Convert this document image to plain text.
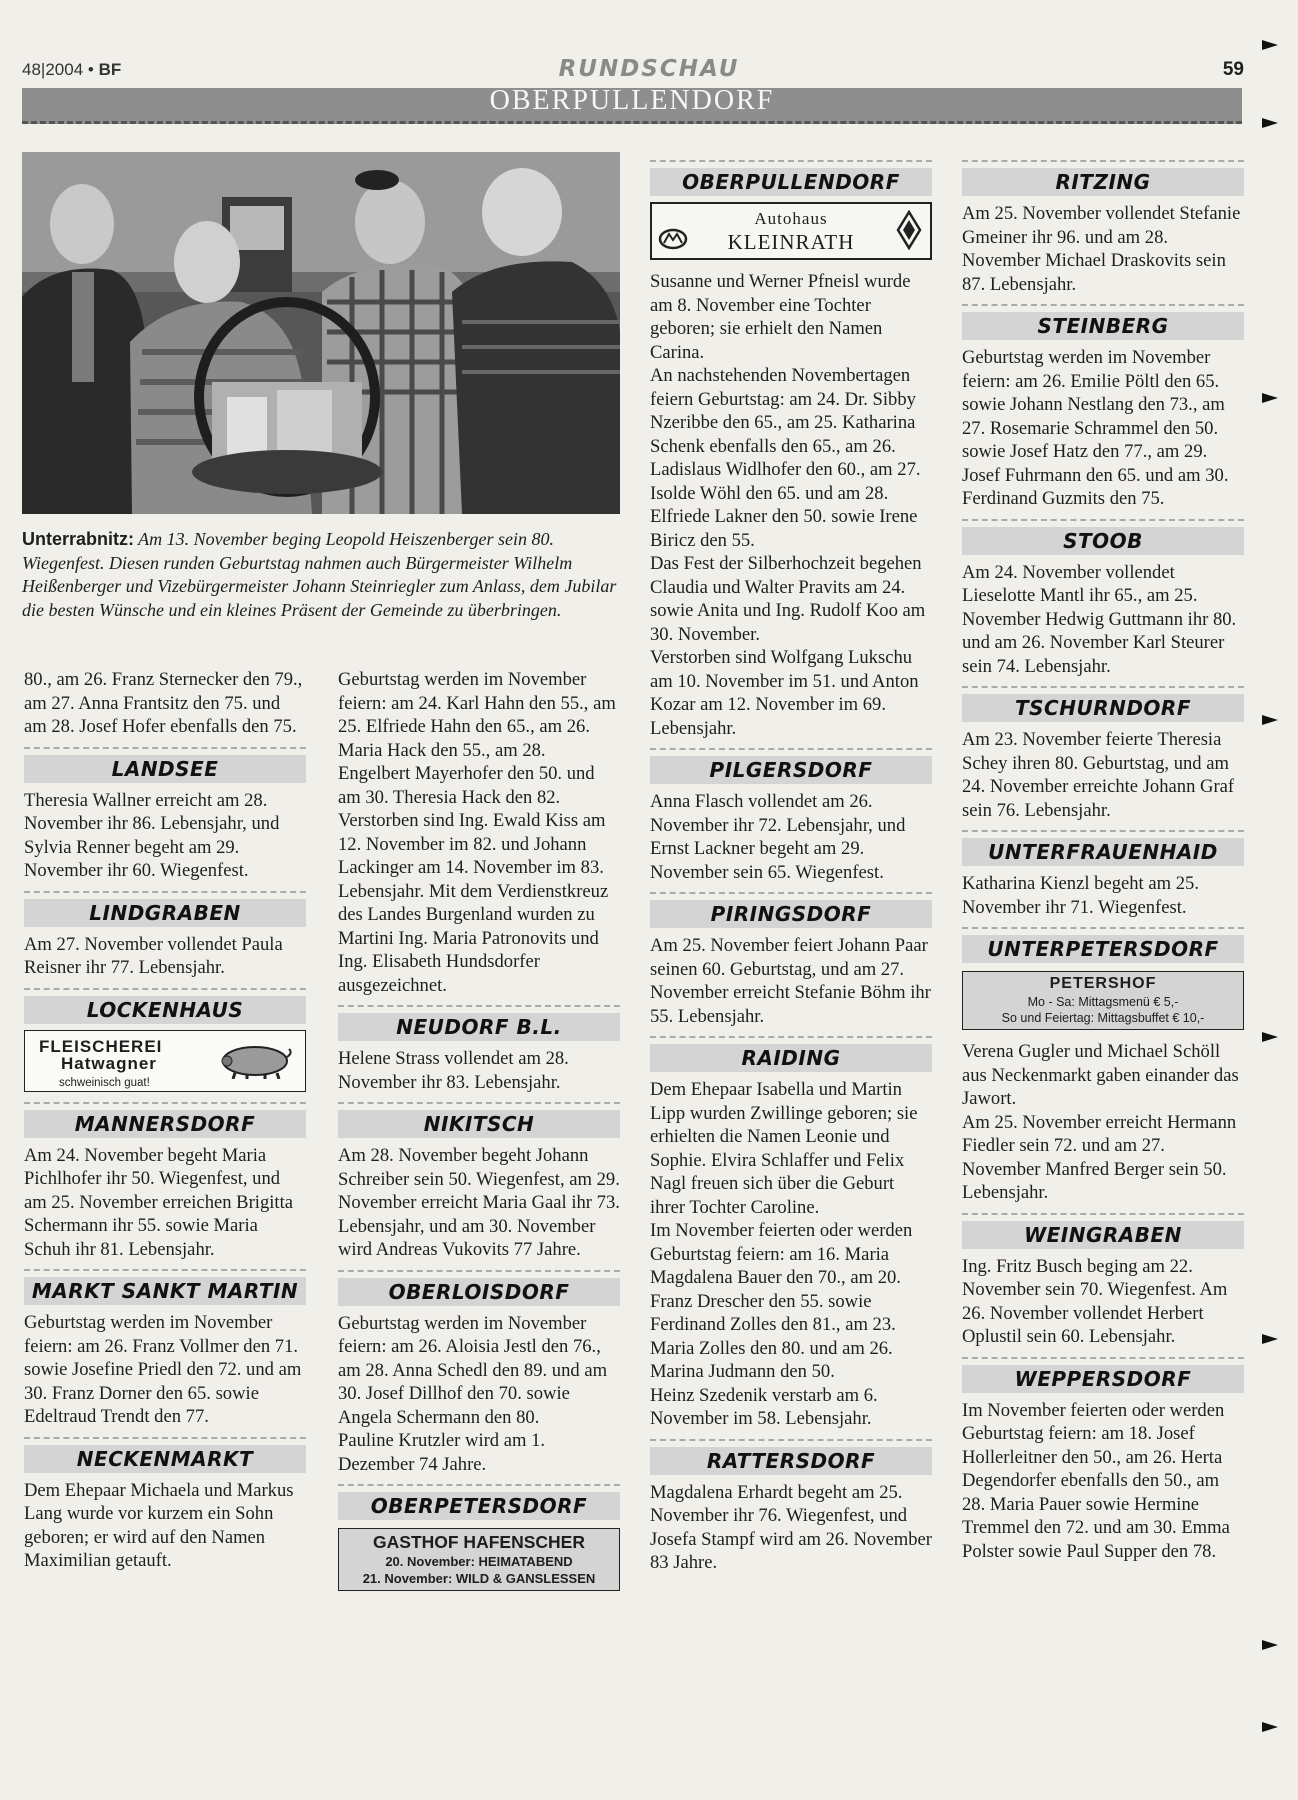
48|2004 • BF	RUNDSCHAU	59
OBERPULLENDORF
Unterrabnitz: Am 13. November beging Leopold Heiszenberger sein 80. Wiegenfest. Diesen runden Geburtstag nahmen auch Bürgermeister Wilhelm Heißenberger und Vizebürgermeister Johann Steinriegler zum Anlass, dem Jubilar die besten Wünsche und ein kleines Präsent der Gemeinde zu überbringen.

80., am 26. Franz Sternecker den 79., am 27. Anna Frantsitz den 75. und am 28. Josef Hofer ebenfalls den 75.

LANDSEE

Theresia Wallner erreicht am 28. November ihr 86. Lebensjahr, und Sylvia Renner begeht am 29. November ihr 60. Wiegenfest.

LINDGRABEN

Am 27. November vollendet Paula Reisner ihr 77. Lebensjahr.

LOCKENHAUS
FLEISCHEREI
Hatwagner
schweinisch guat!
MANNERSDORF

Am 24. November begeht Maria Pichlhofer ihr 50. Wiegenfest, und am 25. November erreichen Brigitta Schermann ihr 55. sowie Maria Schuh ihr 81. Lebensjahr.

MARKT SANKT MARTIN

Geburtstag werden im November feiern: am 26. Franz Vollmer den 71. sowie Josefine Priedl den 72. und am 30. Franz Dorner den 65. sowie Edeltraud Trendt den 77.

NECKENMARKT

Dem Ehepaar Michaela und Markus Lang wurde vor kurzem ein Sohn geboren; er wird auf den Namen Maximilian getauft.

Geburtstag werden im November feiern: am 24. Karl Hahn den 55., am 25. Elfriede Hahn den 65., am 26. Maria Hack den 55., am 28. Engelbert Mayerhofer den 50. und am 30. Theresia Hack den 82. Verstorben sind Ing. Ewald Kiss am 12. November im 82. und Johann Lackinger am 14. November im 83. Lebensjahr. Mit dem Verdienstkreuz des Landes Burgenland wurden zu Martini Ing. Maria Patronovits und Ing. Elisabeth Hundsdorfer ausgezeichnet.

NEUDORF B.L.

Helene Strass vollendet am 28. November ihr 83. Lebensjahr.

NIKITSCH

Am 28. November begeht Johann Schreiber sein 50. Wiegenfest, am 29. November erreicht Maria Gaal ihr 73. Lebensjahr, und am 30. November wird Andreas Vukovits 77 Jahre.

OBERLOISDORF

Geburtstag werden im November feiern: am 26. Aloisia Jestl den 76., am 28. Anna Schedl den 89. und am 30. Josef Dillhof den 70. sowie Angela Schermann den 80.

Pauline Krutzler wird am 1. Dezember 74 Jahre.

OBERPETERSDORF
GASTHOF HAFENSCHER
20. November: HEIMATABEND
21. November: WILD & GANSLESSEN
OBERPULLENDORF
Autohaus
KLEINRATH

Susanne und Werner Pfneisl wurde am 8. November eine Tochter geboren; sie erhielt den Namen Carina.

An nachstehenden Novembertagen feiern Geburtstag: am 24. Dr. Sibby Nzeribbe den 65., am 25. Katharina Schenk ebenfalls den 65., am 26. Ladislaus Widlhofer den 60., am 27. Isolde Wöhl den 65. und am 28. Elfriede Lakner den 50. sowie Irene Biricz den 55.

Das Fest der Silberhochzeit begehen Claudia und Walter Pravits am 24. sowie Anita und Ing. Rudolf Koo am 30. November.

Verstorben sind Wolfgang Lukschu am 10. November im 51. und Anton Kozar am 12. November im 69. Lebensjahr.

PILGERSDORF

Anna Flasch vollendet am 26. November ihr 72. Lebensjahr, und Ernst Lackner begeht am 29. November sein 65. Wiegenfest.

PIRINGSDORF

Am 25. November feiert Johann Paar seinen 60. Geburtstag, und am 27. November erreicht Stefanie Böhm ihr 55. Lebensjahr.

RAIDING

Dem Ehepaar Isabella und Martin Lipp wurden Zwillinge geboren; sie erhielten die Namen Leonie und Sophie. Elvira Schlaffer und Felix Nagl freuen sich über die Geburt ihrer Tochter Caroline.

Im November feierten oder werden Geburtstag feiern: am 16. Maria Magdalena Bauer den 70., am 20. Franz Drescher den 55. sowie Ferdinand Zolles den 81., am 23. Maria Zolles den 80. und am 26. Marina Judmann den 50.

Heinz Szedenik verstarb am 6. November im 58. Lebensjahr.

RATTERSDORF

Magdalena Erhardt begeht am 25. November ihr 76. Wiegenfest, und Josefa Stampf wird am 26. November 83 Jahre.

RITZING

Am 25. November vollendet Stefanie Gmeiner ihr 96. und am 28. November Michael Draskovits sein 87. Lebensjahr.

STEINBERG

Geburtstag werden im November feiern: am 26. Emilie Pöltl den 65. sowie Johann Nestlang den 73., am 27. Rosemarie Schrammel den 50. sowie Josef Hatz den 77., am 29. Josef Fuhrmann den 65. und am 30. Ferdinand Guzmits den 75.

STOOB

Am 24. November vollendet Lieselotte Mantl ihr 65., am 25. November Hedwig Guttmann ihr 80. und am 26. November Karl Steurer sein 74. Lebensjahr.

TSCHURNDORF

Am 23. November feierte Theresia Schey ihren 80. Geburtstag, und am 24. November erreichte Johann Graf sein 76. Lebensjahr.

UNTERFRAUENHAID

Katharina Kienzl begeht am 25. November ihr 71. Wiegenfest.

UNTERPETERSDORF
PETERSHOF
Mo - Sa: Mittagsmenü € 5,-
So und Feiertag: Mittagsbuffet € 10,-

Verena Gugler und Michael Schöll aus Neckenmarkt gaben einander das Jawort.

Am 25. November erreicht Hermann Fiedler sein 72. und am 27. November Manfred Berger sein 50. Lebensjahr.

WEINGRABEN

Ing. Fritz Busch beging am 22. November sein 70. Wiegenfest. Am 26. November vollendet Herbert Oplustil sein 60. Lebensjahr.

WEPPERSDORF

Im November feierten oder werden Geburtstag feiern: am 18. Josef Hollerleitner den 50., am 26. Herta Degendorfer ebenfalls den 50., am 28. Maria Pauer sowie Hermine Tremmel den 72. und am 30. Emma Polster sowie Paul Supper den 78.
